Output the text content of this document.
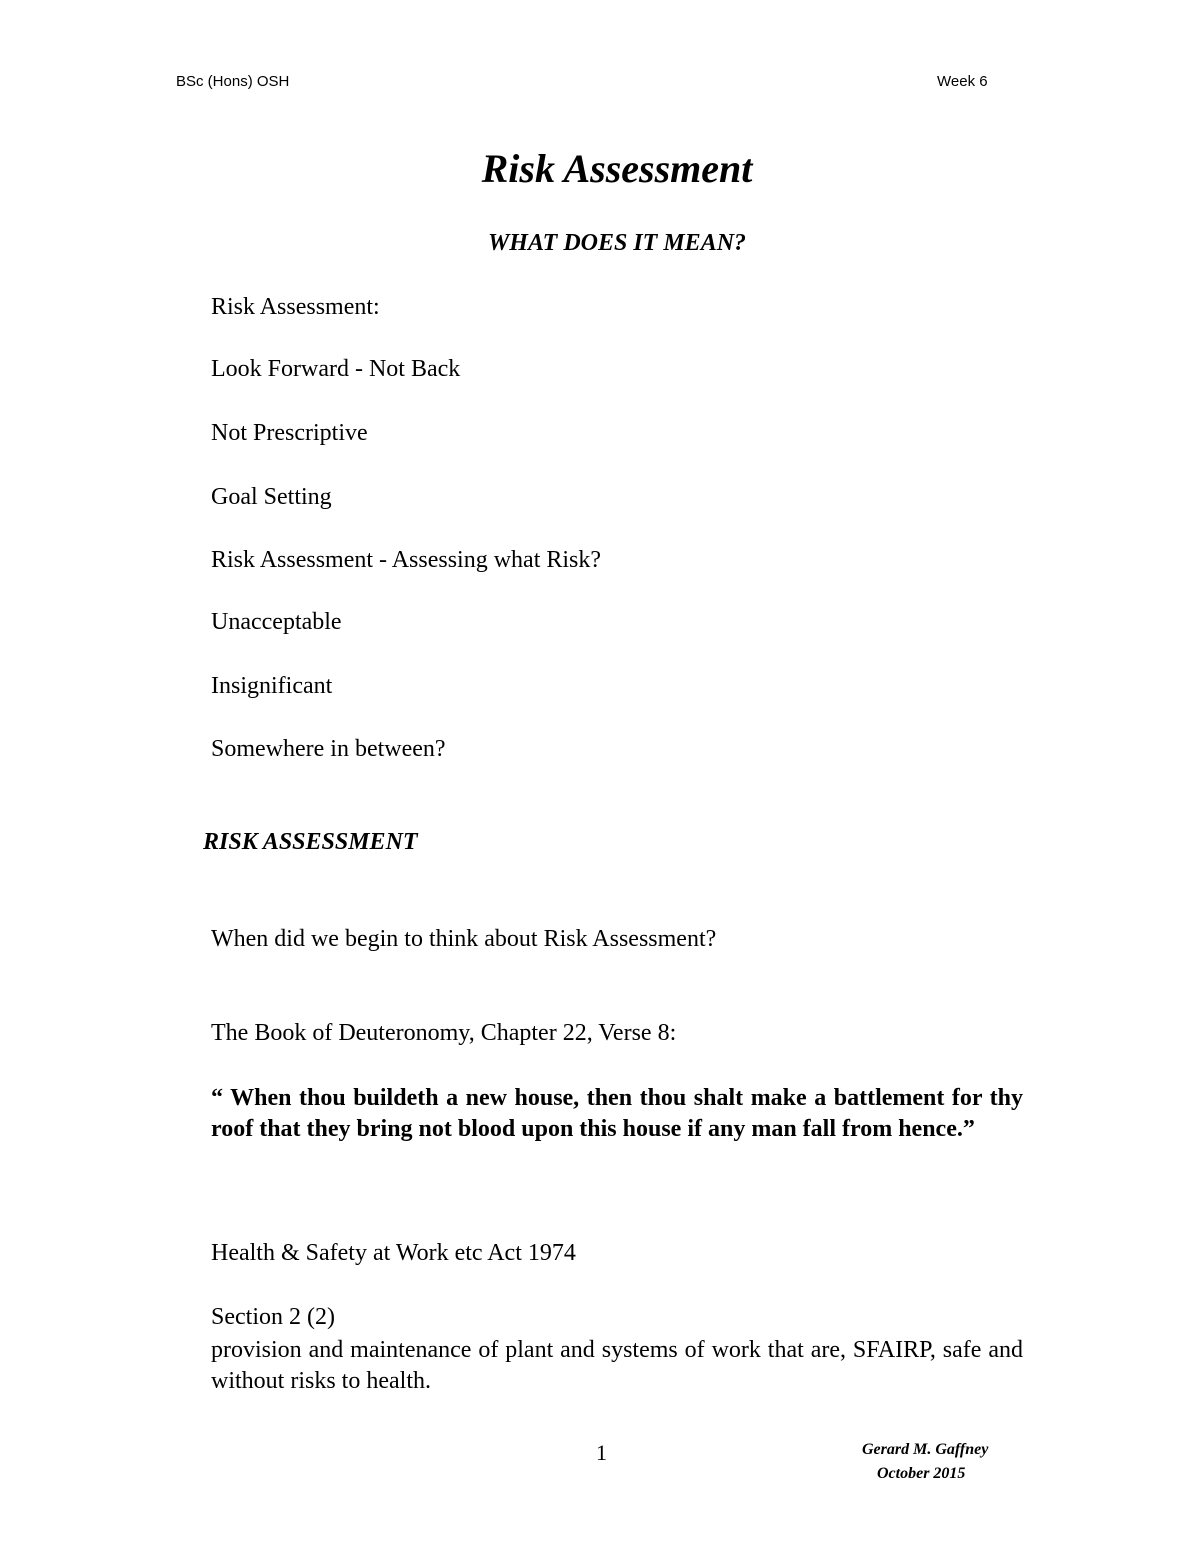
BSc (Hons) OSH	Week 6
Risk Assessment
WHAT DOES IT MEAN?
Risk Assessment:
Look Forward - Not Back
Not Prescriptive
Goal Setting
Risk Assessment - Assessing what Risk?
Unacceptable
Insignificant
Somewhere in between?
RISK ASSESSMENT
When did we begin to think about Risk Assessment?
The Book of Deuteronomy, Chapter 22, Verse 8:
“ When thou buildeth a new house, then thou shalt make a battlement for thy roof that they bring not blood upon this house if any man fall from hence.”
Health & Safety at Work etc Act 1974
Section 2 (2)
provision and maintenance of plant and systems of work that are, SFAIRP, safe and without risks to health.
1	Gerard M. Gaffney
October 2015
